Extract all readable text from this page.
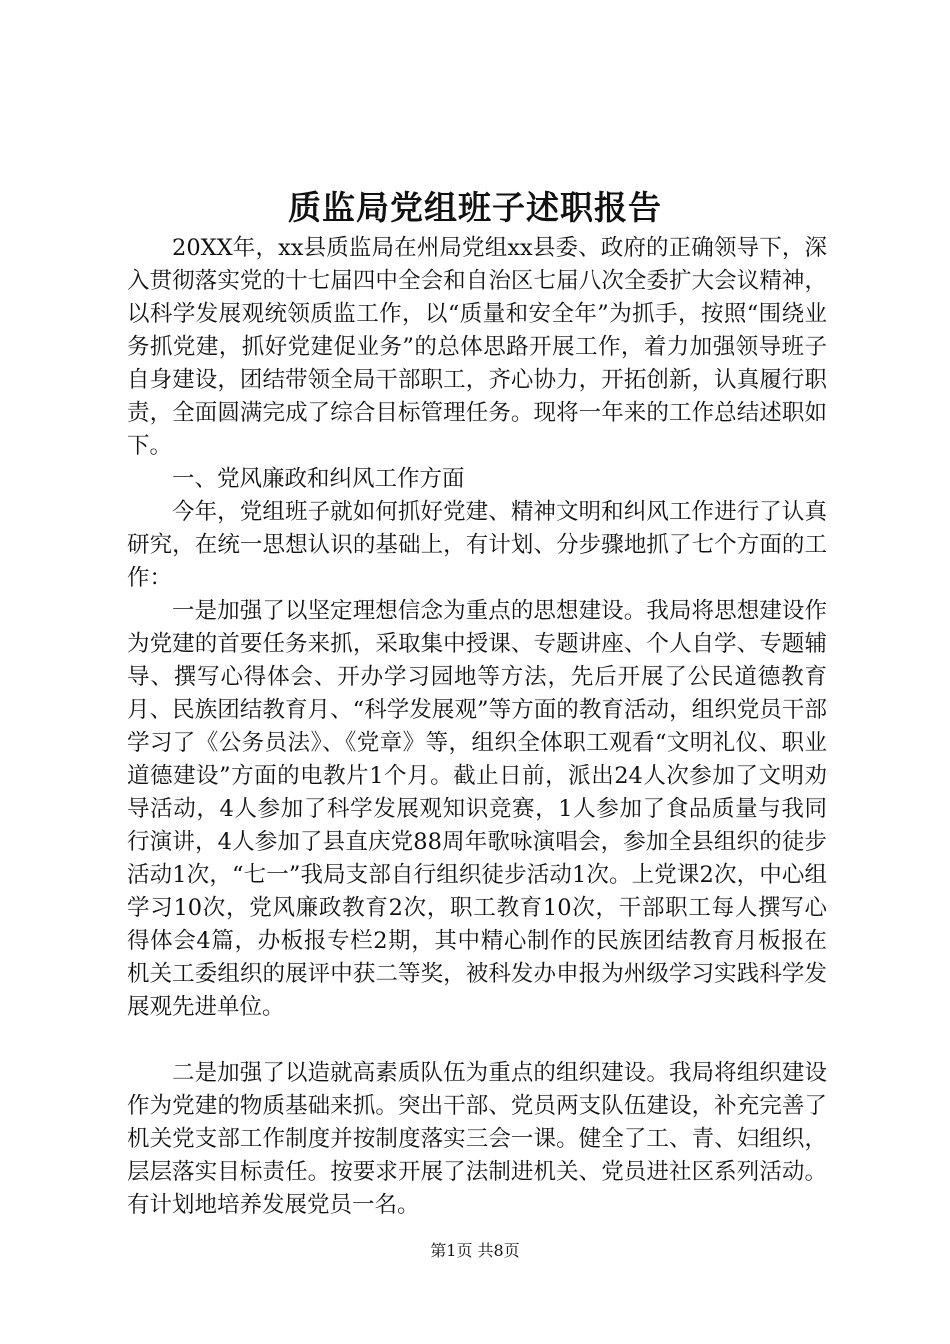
质监局党组班子述职报告

20XX年，xx县质监局在州局党组xx县委、政府的正确领导下，深入贯彻落实党的十七届四中全会和自治区七届八次全委扩大会议精神，以科学发展观统领质监工作，以“质量和安全年”为抓手，按照“围绕业务抓党建，抓好党建促业务”的总体思路开展工作，着力加强领导班子自身建设，团结带领全局干部职工，齐心协力，开拓创新，认真履行职责，全面圆满完成了综合目标管理任务。现将一年来的工作总结述职如下。

一、党风廉政和纠风工作方面

今年，党组班子就如何抓好党建、精神文明和纠风工作进行了认真研究，在统一思想认识的基础上，有计划、分步骤地抓了七个方面的工作：

一是加强了以坚定理想信念为重点的思想建设。我局将思想建设作为党建的首要任务来抓，采取集中授课、专题讲座、个人自学、专题辅导、撰写心得体会、开办学习园地等方法，先后开展了公民道德教育月、民族团结教育月、“科学发展观”等方面的教育活动，组织党员干部学习了《公务员法》、《党章》等，组织全体职工观看“文明礼仪、职业道德建设”方面的电教片1个月。截止日前，派出24人次参加了文明劝导活动，4人参加了科学发展观知识竞赛，1人参加了食品质量与我同行演讲，4人参加了县直庆党88周年歌咏演唱会，参加全县组织的徒步活动1次，“七一”我局支部自行组织徒步活动1次。上党课2次，中心组学习10次，党风廉政教育2次，职工教育10次，干部职工每人撰写心得体会4篇，办板报专栏2期，其中精心制作的民族团结教育月板报在机关工委组织的展评中获二等奖，被科发办申报为州级学习实践科学发展观先进单位。

二是加强了以造就高素质队伍为重点的组织建设。我局将组织建设作为党建的物质基础来抓。突出干部、党员两支队伍建设，补充完善了机关党支部工作制度并按制度落实三会一课。健全了工、青、妇组织，层层落实目标责任。按要求开展了法制进机关、党员进社区系列活动。有计划地培养发展党员一名。

第1页 共8页
